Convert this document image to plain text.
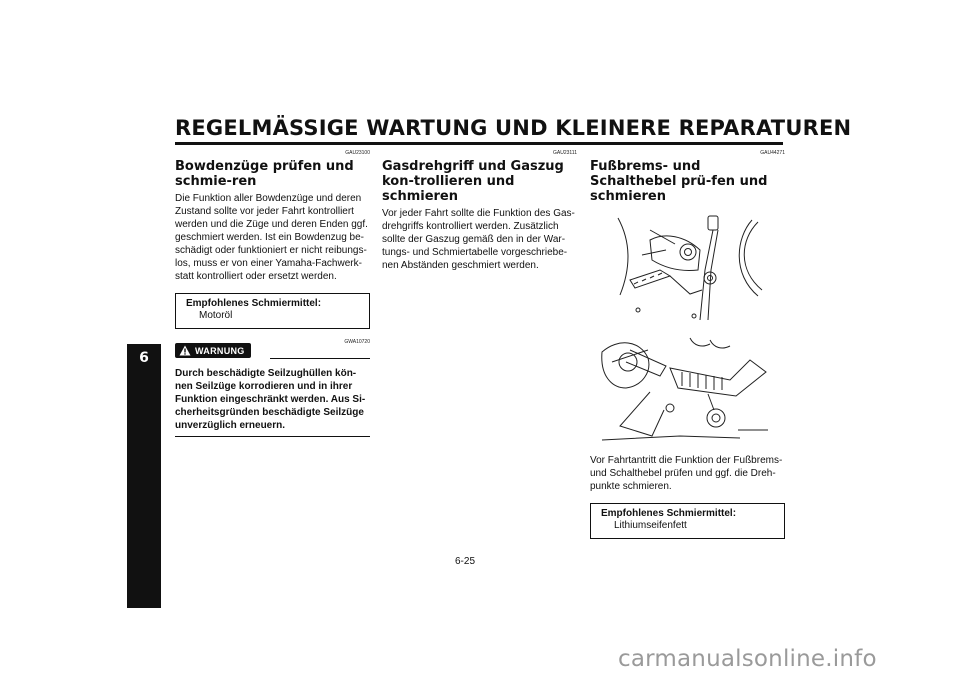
REGELMÄSSIGE WARTUNG UND KLEINERE REPARATUREN
6
GAU23100
Bowdenzüge prüfen und schmie-ren

Die Funktion aller Bowdenzüge und deren Zustand sollte vor jeder Fahrt kontrolliert werden und die Züge und deren Enden ggf. geschmiert werden. Ist ein Bowdenzug be-schädigt oder funktioniert er nicht reibungs-los, muss er von einer Yamaha-Fachwerk-statt kontrolliert oder ersetzt werden.

Empfohlenes Schmiermittel:
Motoröl
WARNUNG
GWA10720

Durch beschädigte Seilzughüllen kön-nen Seilzüge korrodieren und in ihrer Funktion eingeschränkt werden. Aus Si-cherheitsgründen beschädigte Seilzüge unverzüglich erneuern.

GAU23111
Gasdrehgriff und Gaszug kon-trollieren und schmieren

Vor jeder Fahrt sollte die Funktion des Gas-drehgriffs kontrolliert werden. Zusätzlich sollte der Gaszug gemäß den in der War-tungs- und Schmiertabelle vorgeschriebe-nen Abständen geschmiert werden.

GAU44271
Fußbrems- und Schalthebel prü-fen und schmieren

Vor Fahrtantritt die Funktion der Fußbrems- und Schalthebel prüfen und ggf. die Dreh-punkte schmieren.

Empfohlenes Schmiermittel:
Lithiumseifenfett
6-25
carmanualsonline.info
